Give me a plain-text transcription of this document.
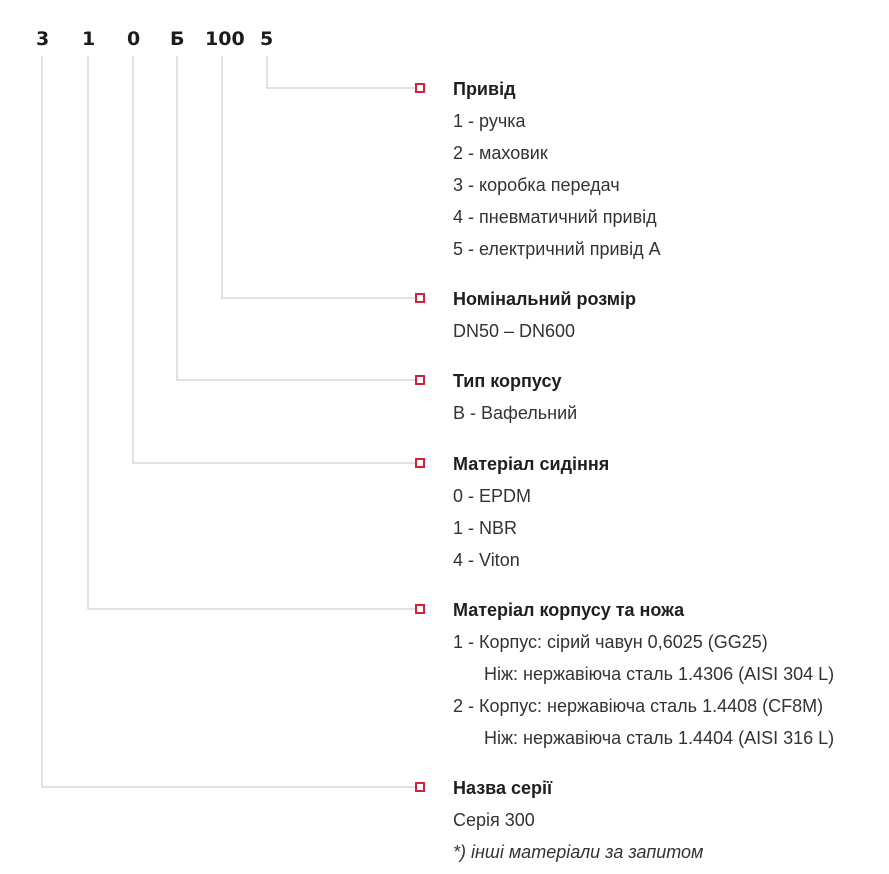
3 1 0 Б 100 5
Привід
1 - ручка
2 - маховик
3 - коробка передач
4 - пневматичний привід
5 - електричний привід A
Номінальний розмір
DN50 – DN600
Тип корпусу
B - Вафельний
Матеріал сидіння
0 - EPDM
1 - NBR
4 - Viton
Матеріал корпусу та ножа
1 - Корпус: сірий чавун 0,6025 (GG25)
Ніж: нержавіюча сталь 1.4306 (AISI 304 L)
2 - Корпус: нержавіюча сталь 1.4408 (CF8M)
Ніж: нержавіюча сталь 1.4404 (AISI 316 L)
Назва серії
Серія 300
*) інші матеріали за запитом
